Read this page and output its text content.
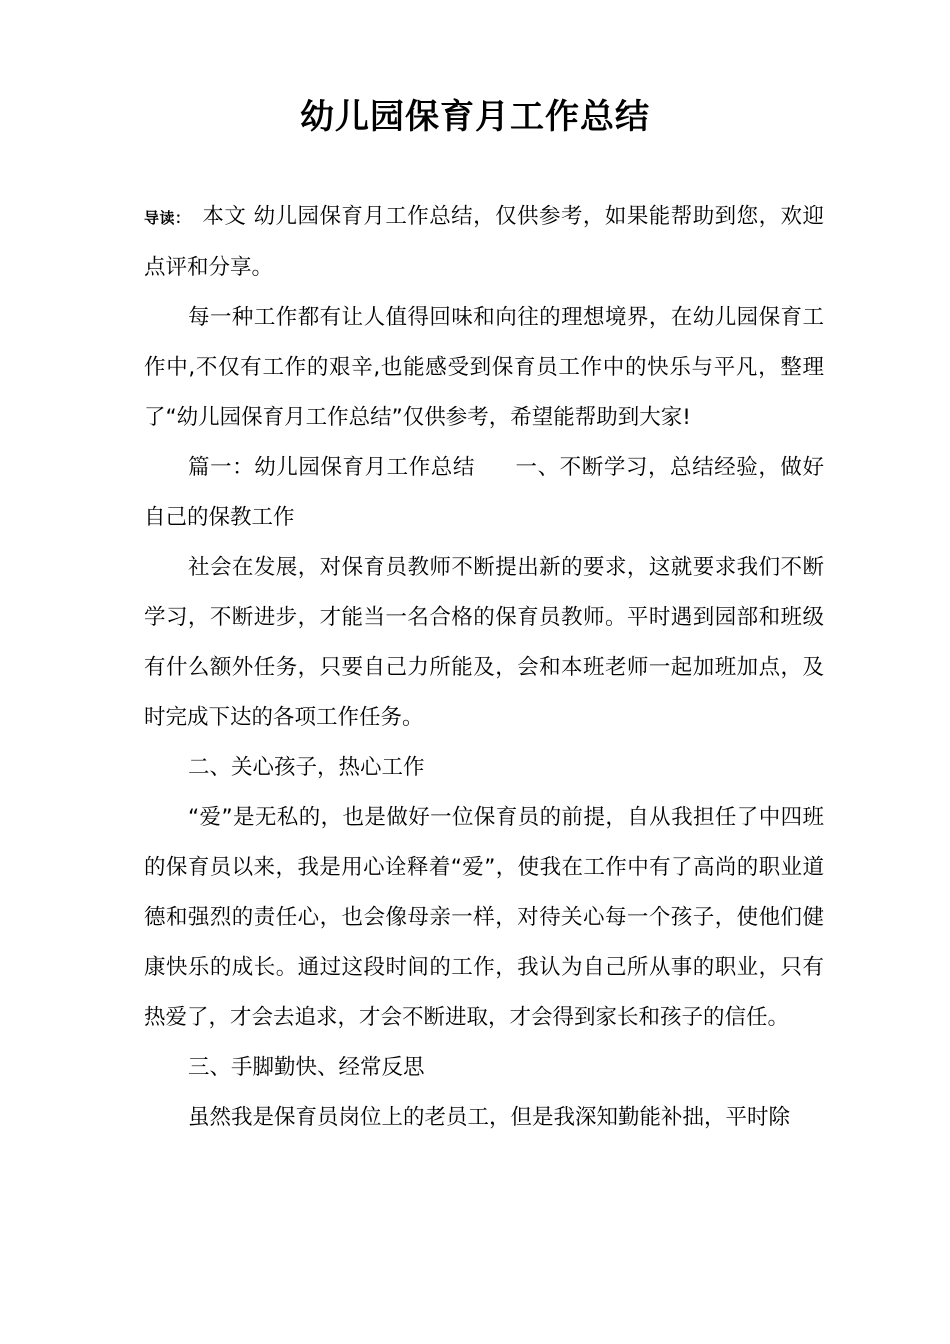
幼儿园保育月工作总结

导读： 本文 幼儿园保育月工作总结，仅供参考，如果能帮助到您，欢迎点评和分享。

每一种工作都有让人值得回味和向往的理想境界，在幼儿园保育工作中,不仅有工作的艰辛,也能感受到保育员工作中的快乐与平凡，整理了“幼儿园保育月工作总结”仅供参考，希望能帮助到大家!

篇一：幼儿园保育月工作总结 一、不断学习，总结经验，做好自己的保教工作

社会在发展，对保育员教师不断提出新的要求，这就要求我们不断学习，不断进步，才能当一名合格的保育员教师。平时遇到园部和班级有什么额外任务，只要自己力所能及，会和本班老师一起加班加点，及时完成下达的各项工作任务。

二、关心孩子，热心工作

“爱”是无私的，也是做好一位保育员的前提，自从我担任了中四班的保育员以来，我是用心诠释着“爱”，使我在工作中有了高尚的职业道德和强烈的责任心，也会像母亲一样，对待关心每一个孩子，使他们健康快乐的成长。通过这段时间的工作，我认为自己所从事的职业，只有热爱了，才会去追求，才会不断进取，才会得到家长和孩子的信任。

三、手脚勤快、经常反思

虽然我是保育员岗位上的老员工，但是我深知勤能补拙，平时除
